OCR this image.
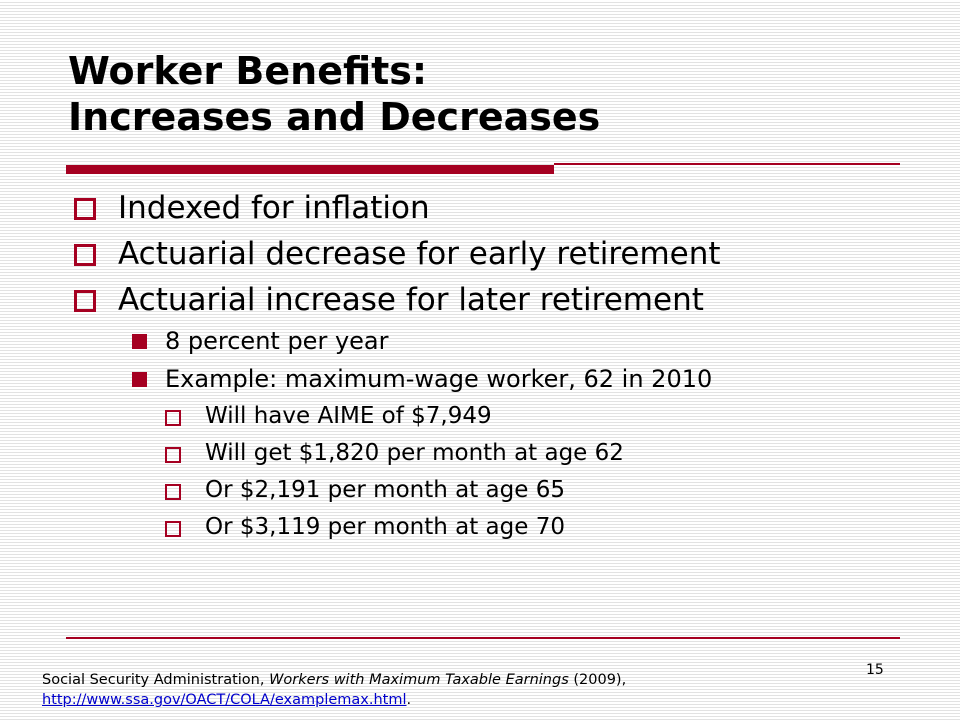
Worker Benefits:
Increases and Decreases
Indexed for inflation
Actuarial decrease for early retirement
Actuarial increase for later retirement
8 percent per year
Example: maximum-wage worker, 62 in 2010
Will have AIME of $7,949
Will get $1,820 per month at age 62
Or $2,191 per month at age 65
Or $3,119 per month at age 70
15
Social Security Administration, Workers with Maximum Taxable Earnings (2009),
http://www.ssa.gov/OACT/COLA/examplemax.html.
